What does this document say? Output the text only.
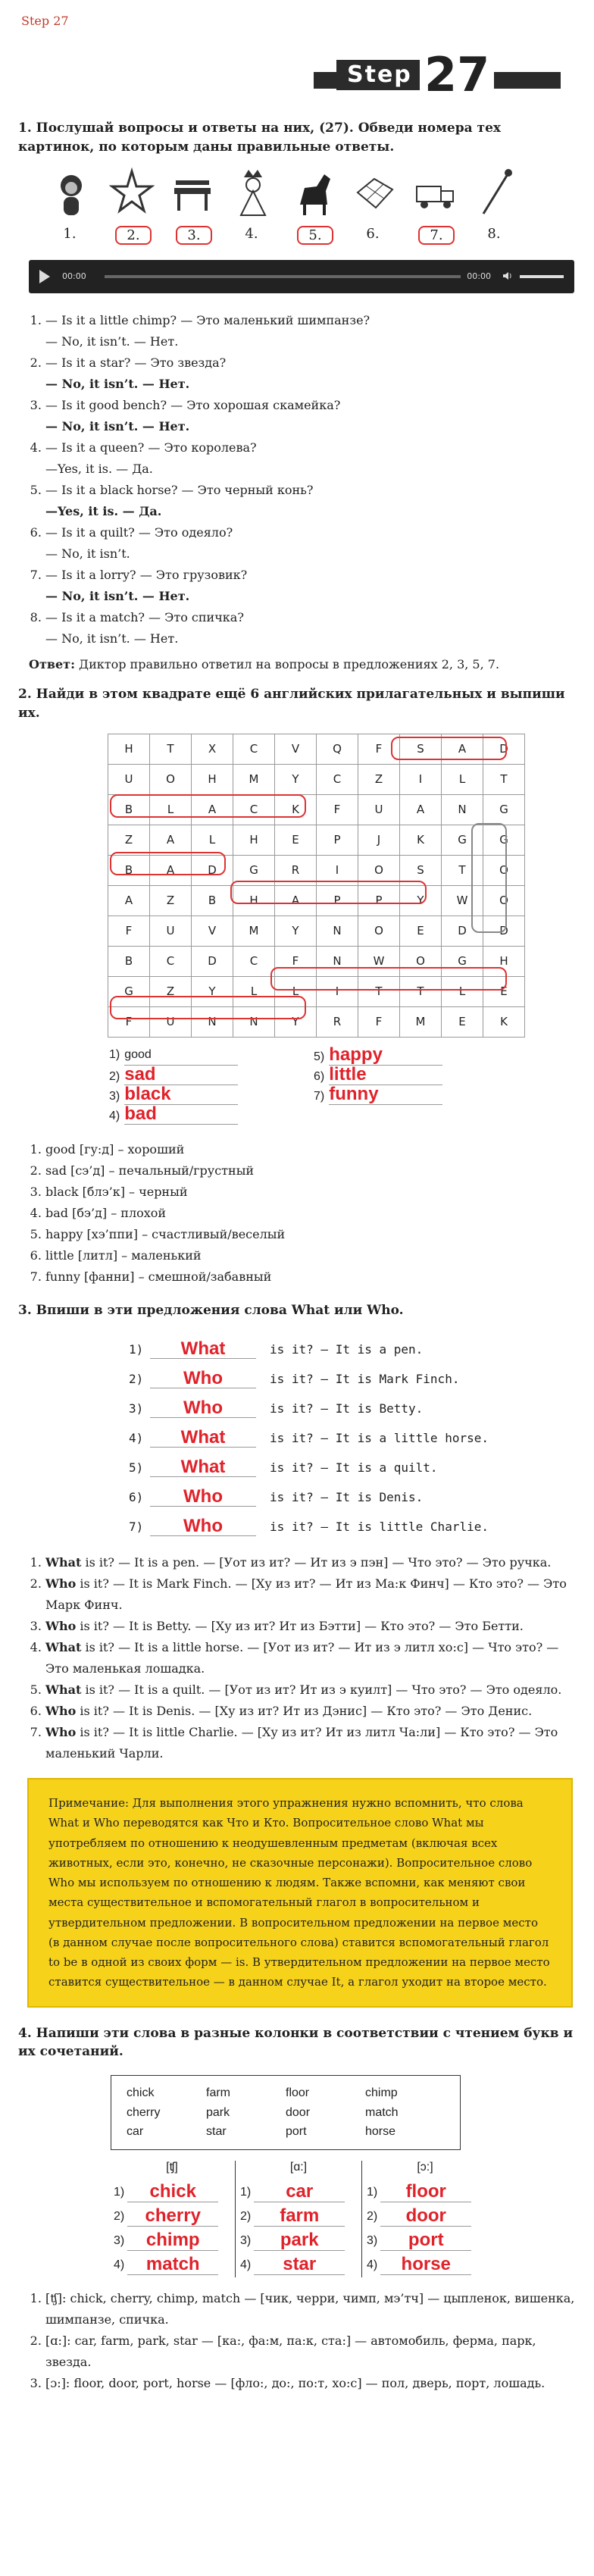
Step 27
Step 27
1. Послушай вопросы и ответы на них, (27). Обведи номера тех картинок, по которым даны правильные ответы.
1.	2.	3.	4.	5.	6.	7.	8.
00:00	00:00
1. — Is it a little chimp? — Это маленький шимпанзе?
— No, it isn’t. — Нет.
2. — Is it a star? — Это звезда?
— No, it isn’t. — Нет.
3. — Is it good bench? — Это хорошая скамейка?
— No, it isn’t. — Нет.
4. — Is it a queen? — Это королева?
—Yes, it is. — Да.
5. — Is it a black horse? — Это черный конь?
—Yes, it is. — Да.
6. — Is it a quilt? — Это одеяло?
— No, it isn’t.
7. — Is it a lorry? — Это грузовик?
— No, it isn’t. — Нет.
8. — Is it a match? — Это спичка?
— No, it isn’t. — Нет.
Ответ: Диктор правильно ответил на вопросы в предложениях 2, 3, 5, 7.
2. Найди в этом квадрате ещё 6 английских прилагательных и выпиши их.
H	T	X	C	V	Q	F	S	A	D
U	O	H	M	Y	C	Z	I	L	T
B	L	A	C	K	F	U	A	N	G
Z	A	L	H	E	P	J	K	G	G
B	A	D	G	R	I	O	S	T	O
A	Z	B	H	A	P	P	Y	W	O
F	U	V	M	Y	N	O	E	D	D
B	C	D	C	F	N	W	O	G	H
G	Z	Y	L	L	I	T	T	L	E
F	U	N	N	Y	R	F	M	E	K
1) good
2) sad
3) black
4) bad
5) happy
6) little
7) funny
1. good [гу:д] – хороший
2. sad [сэ’д] – печальный/грустный
3. black [блэ’к] – черный
4. bad [бэ’д] – плохой
5. happy [хэ’ппи] – счастливый/веселый
6. little [литл] – маленький
7. funny [фанни] – смешной/забавный
3. Впиши в эти предложения слова What или Who.
1)	What	is it? — It is a pen.
2)	Who	is it? — It is Mark Finch.
3)	Who	is it? — It is Betty.
4)	What	is it? — It is a little horse.
5)	What	is it? — It is a quilt.
6)	Who	is it? — It is Denis.
7)	Who	is it? — It is little Charlie.
1. What is it? — It is a pen. — [Уот из ит? — Ит из э пэн] — Что это? — Это ручка.
2. Who is it? — It is Mark Finch. — [Ху из ит? — Ит из Ма:к Финч] — Кто это? — Это Марк Финч.
3. Who is it? — It is Betty. — [Ху из ит? Ит из Бэтти] — Кто это? — Это Бетти.
4. What is it? — It is a little horse. — [Уот из ит? — Ит из э литл хо:с] — Что это? — Это маленькая лошадка.
5. What is it? — It is a quilt. — [Уот из ит? Ит из э куилт] — Что это? — Это одеяло.
6. Who is it? — It is Denis. — [Ху из ит? Ит из Дэнис] — Кто это? — Это Денис.
7. Who is it? — It is little Charlie. — [Ху из ит? Ит из литл Ча:ли] — Кто это? — Это маленький Чарли.
Примечание: Для выполнения этого упражнения нужно вспомнить, что слова What и Who переводятся как Что и Кто. Вопросительное слово What мы употребляем по отношению к неодушевленным предметам (включая всех животных, если это, конечно, не сказочные персонажи). Вопросительное слово Who мы используем по отношению к людям. Также вспомни, как меняют свои места существительное и вспомогательный глагол в вопросительном и утвердительном предложении. В вопросительном предложении на первое место (в данном случае после вопросительного слова) ставится вспомогательный глагол to be в одной из своих форм — is. В утвердительном предложении на первое место ставится существительное — в данном случае It, а глагол уходит на второе место.
4. Напиши эти слова в разные колонки в соответствии с чтением букв и их сочетаний.
chick	farm	floor	chimp
cherry	park	door	match
car	star	port	horse
[ʧ]
1)	chick
2)	cherry
3)	chimp
4)	match
[ɑ:]
1)	car
2)	farm
3)	park
4)	star
[ɔ:]
1)	floor
2)	door
3)	port
4)	horse
1. [ʧ]: chick, cherry, chimp, match — [чик, черри, чимп, мэ’тч] — цыпленок, вишенка, шимпанзе, спичка.
2. [ɑ:]: car, farm, park, star — [ка:, фа:м, па:к, ста:] — автомобиль, ферма, парк, звезда.
3. [ɔ:]: floor, door, port, horse — [фло:, до:, по:т, хо:с] — пол, дверь, порт, лошадь.
